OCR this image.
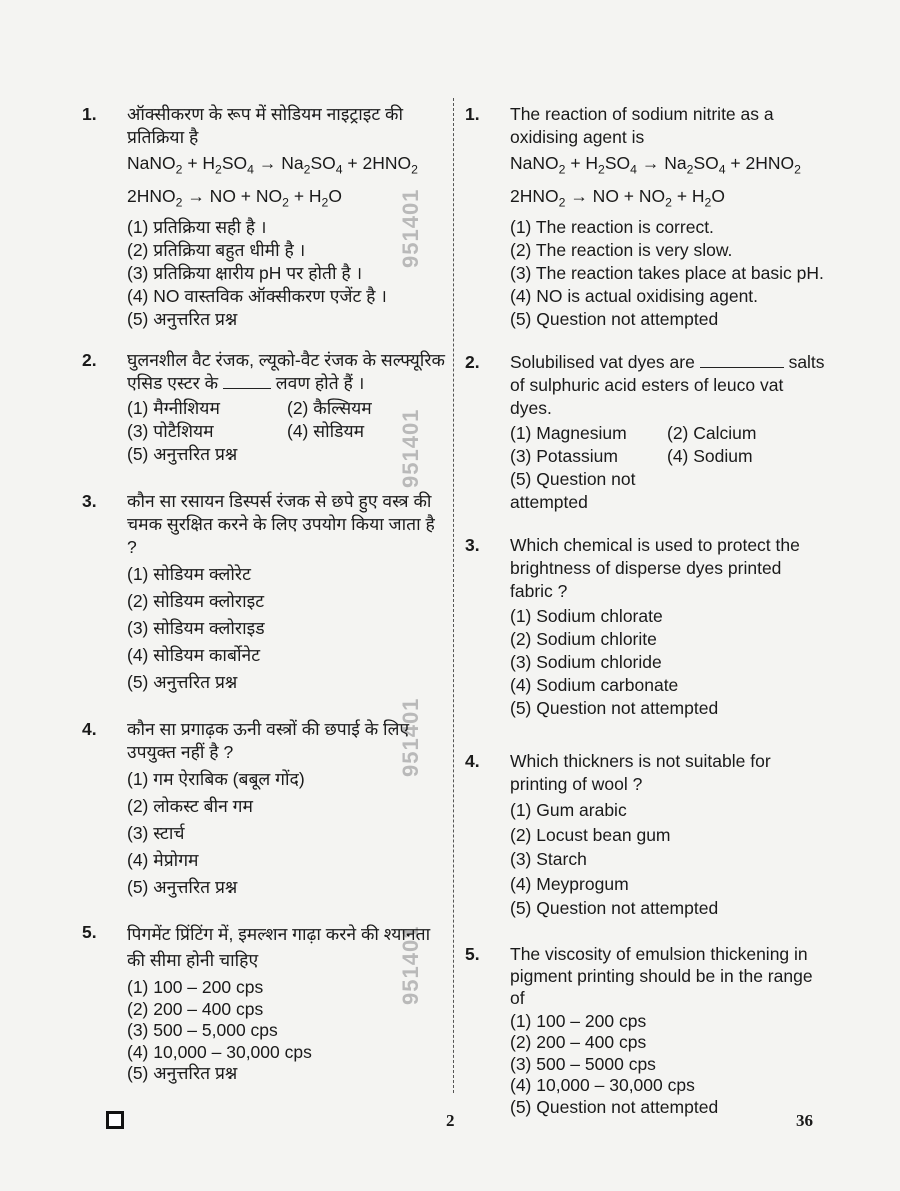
951401
951401
951401
951401
1. ऑक्सीकरण के रूप में सोडियम नाइट्राइट की प्रतिक्रिया है

NaNO$_2$ + $H_2SO_4 \to Na_2SO_4 + 2HNO_2$
$2HNO_2$ → NO + $NO_2 + H_2O$
(1) प्रतिक्रिया सही है ।
(2) प्रतिक्रिया बहुत धीमी है ।
(3) प्रतिक्रिया क्षारीय pH पर होती है ।
(4) NO वास्तविक ऑक्सीकरण एजेंट है ।
(5) अनुत्तरित प्रश्न
2. घुलनशील वैट रंजक, ल्यूको-वैट रंजक के सल्फ्यूरिक एसिड एस्टर के	लवण होते हैं ।

(1) मैग्नीशियम	(2) कैल्सियम
(3) पोटैशियम	(4) सोडियम
(5) अनुत्तरित प्रश्न
3. कौन सा रसायन डिस्पर्स रंजक से छपे हुए वस्त्र की चमक सुरक्षित करने के लिए उपयोग किया जाता है ?

(1) सोडियम क्लोरेट
(2) सोडियम क्लोराइट
(3) सोडियम क्लोराइड
(4) सोडियम कार्बोनेट
(5) अनुत्तरित प्रश्न
4. कौन सा प्रगाढ़क ऊनी वस्त्रों की छपाई के लिए उपयुक्त नहीं है ?

(1) गम ऐराबिक (बबूल गोंद)
(2) लोकस्ट बीन गम
(3) स्टार्च
(4) मेप्रोगम
(5) अनुत्तरित प्रश्न
5. पिगमेंट प्रिंटिंग में, इमल्शन गाढ़ा करने की श्यानता की सीमा होनी चाहिए

(1) 100 – 200 cps
(2) 200 – 400 cps
(3) 500 – 5,000 cps
(4) 10,000 – 30,000 cps
(5) अनुत्तरित प्रश्न
1. The reaction of sodium nitrite as a oxidising agent is

NaNO$_2$ + $H_2SO_4 \to Na_2SO_4 + 2HNO_2$
$2HNO_2$ → NO + $NO_2 + H_2O$
(1) The reaction is correct.
(2) The reaction is very slow.
(3) The reaction takes place at basic pH.
(4) NO is actual oxidising agent.
(5) Question not attempted
2. Solubilised vat dyes are	salts of sulphuric acid esters of leuco vat dyes.

(1) Magnesium	(2) Calcium
(3) Potassium	(4) Sodium
(5) Question not attempted
3. Which chemical is used to protect the brightness of disperse dyes printed fabric ?

(1) Sodium chlorate
(2) Sodium chlorite
(3) Sodium chloride
(4) Sodium carbonate
(5) Question not attempted
4. Which thickners is not suitable for printing of wool ?

(1) Gum arabic
(2) Locust bean gum
(3) Starch
(4) Meyprogum
(5) Question not attempted
5. The viscosity of emulsion thickening in pigment printing should be in the range of

(1) 100 – 200 cps
(2) 200 – 400 cps
(3) 500 – 5000 cps
(4) 10,000 – 30,000 cps
(5) Question not attempted
2	36
